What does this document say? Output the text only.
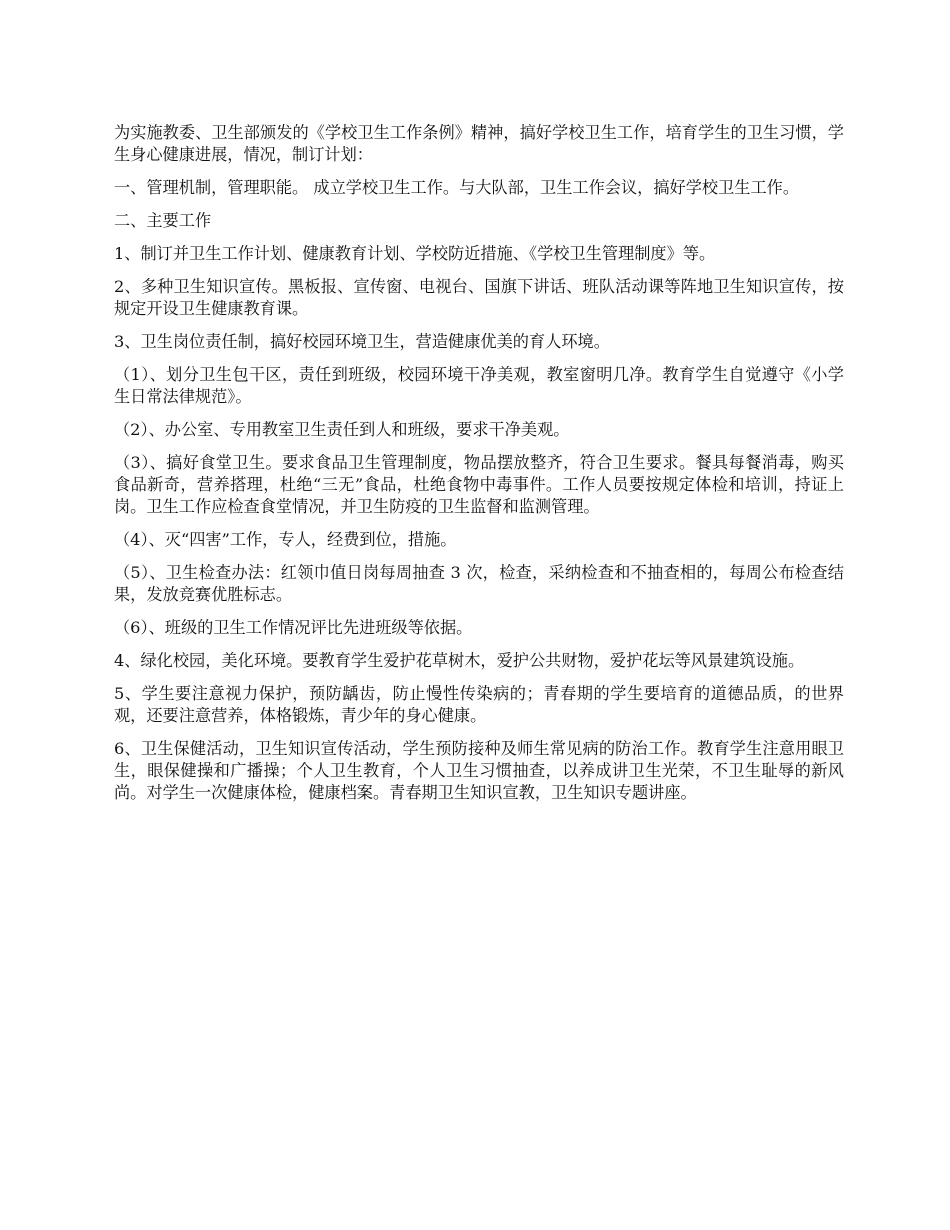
为实施教委、卫生部颁发的《学校卫生工作条例》精神，搞好学校卫生工作，培育学生的卫生习惯，学生身心健康进展，情况，制订计划：

一、管理机制，管理职能。 成立学校卫生工作。与大队部，卫生工作会议，搞好学校卫生工作。

二、主要工作

1、制订并卫生工作计划、健康教育计划、学校防近措施、《学校卫生管理制度》等。

2、多种卫生知识宣传。黑板报、宣传窗、电视台、国旗下讲话、班队活动课等阵地卫生知识宣传，按规定开设卫生健康教育课。

3、卫生岗位责任制，搞好校园环境卫生，营造健康优美的育人环境。

（1）、划分卫生包干区，责任到班级，校园环境干净美观，教室窗明几净。教育学生自觉遵守《小学生日常法律规范》。

（2）、办公室、专用教室卫生责任到人和班级，要求干净美观。

（3）、搞好食堂卫生。要求食品卫生管理制度，物品摆放整齐，符合卫生要求。餐具每餐消毒，购买食品新奇，营养搭理，杜绝“三无”食品，杜绝食物中毒事件。工作人员要按规定体检和培训，持证上岗。卫生工作应检查食堂情况，并卫生防疫的卫生监督和监测管理。

（4）、灭“四害”工作，专人，经费到位，措施。

（5）、卫生检查办法：红领巾值日岗每周抽查 3 次，检查，采纳检查和不抽查相的，每周公布检查结果，发放竞赛优胜标志。

（6）、班级的卫生工作情况评比先进班级等依据。

4、绿化校园，美化环境。要教育学生爱护花草树木，爱护公共财物，爱护花坛等风景建筑设施。

5、学生要注意视力保护，预防龋齿，防止慢性传染病的；青春期的学生要培育的道德品质，的世界观，还要注意营养，体格锻炼，青少年的身心健康。

6、卫生保健活动，卫生知识宣传活动，学生预防接种及师生常见病的防治工作。教育学生注意用眼卫生，眼保健操和广播操；个人卫生教育，个人卫生习惯抽查，以养成讲卫生光荣，不卫生耻辱的新风尚。对学生一次健康体检，健康档案。青春期卫生知识宣教，卫生知识专题讲座。
